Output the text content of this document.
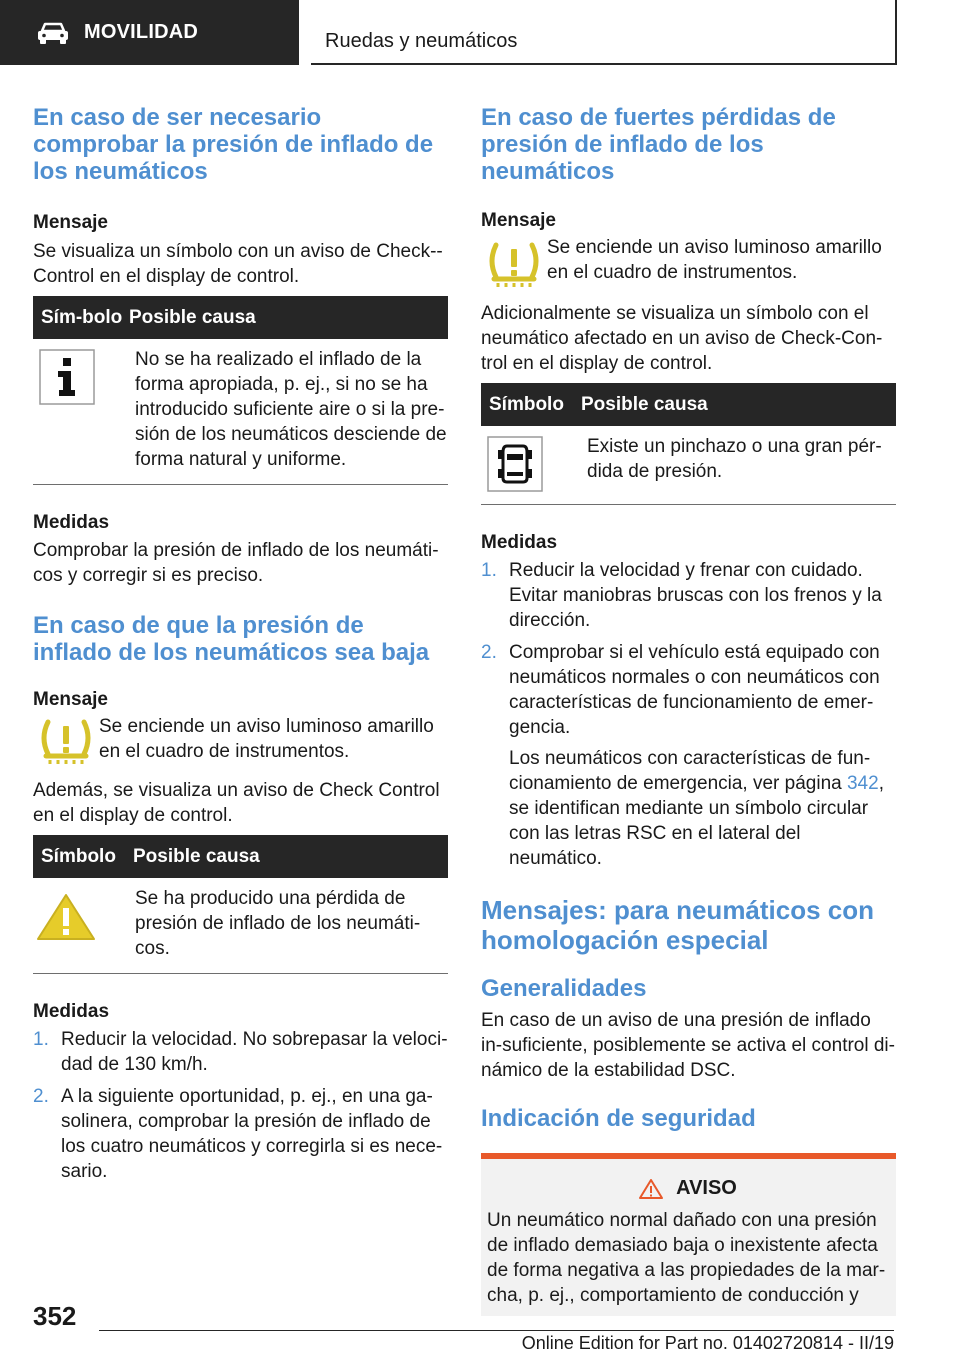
MOVILIDAD	Ruedas y neumáticos
En caso de ser necesario comprobar la presión de inflado de los neumáticos
Mensaje

Se visualiza un símbolo con un aviso de Check--Control en el display de control.

Sím-bolo Posible causa

No se ha realizado el inflado de la forma apropiada, p. ej., si no se ha introducido suficiente aire o si la pre-sión de los neumáticos desciende de forma natural y uniforme.

Medidas

Comprobar la presión de inflado de los neumáti-cos y corregir si es preciso.

En caso de que la presión de inflado de los neumáticos sea baja
Mensaje

Se enciende un aviso luminoso amarillo en el cuadro de instrumentos.

Además, se visualiza un aviso de Check Control en el display de control.

Símbolo Posible causa

Se ha producido una pérdida de presión de inflado de los neumáti-cos.

Medidas
1. Reducir la velocidad. No sobrepasar la veloci-dad de 130 km/h.
2. A la siguiente oportunidad, p. ej., en una ga-solinera, comprobar la presión de inflado de los cuatro neumáticos y corregirla si es nece-sario.
En caso de fuertes pérdidas de presión de inflado de los neumáticos
Mensaje

Se enciende un aviso luminoso amarillo en el cuadro de instrumentos.

Adicionalmente se visualiza un símbolo con el neumático afectado en un aviso de Check-Con-trol en el display de control.

Símbolo Posible causa

Existe un pinchazo o una gran pér-dida de presión.

Medidas
1. Reducir la velocidad y frenar con cuidado. Evitar maniobras bruscas con los frenos y la dirección.
2. Comprobar si el vehículo está equipado con neumáticos normales o con neumáticos con características de funcionamiento de emer-gencia.
Los neumáticos con características de fun-cionamiento de emergencia, ver página 342, se identifican mediante un símbolo circular con las letras RSC en el lateral del neumático.
Mensajes: para neumáticos con homologación especial
Generalidades

En caso de un aviso de una presión de inflado in-suficiente, posiblemente se activa el control di-námico de la estabilidad DSC.

Indicación de seguridad
AVISO

Un neumático normal dañado con una presión de inflado demasiado baja o inexistente afecta de forma negativa a las propiedades de la mar-cha, p. ej., comportamiento de conducción y

352
Online Edition for Part no. 01402720814 - II/19
